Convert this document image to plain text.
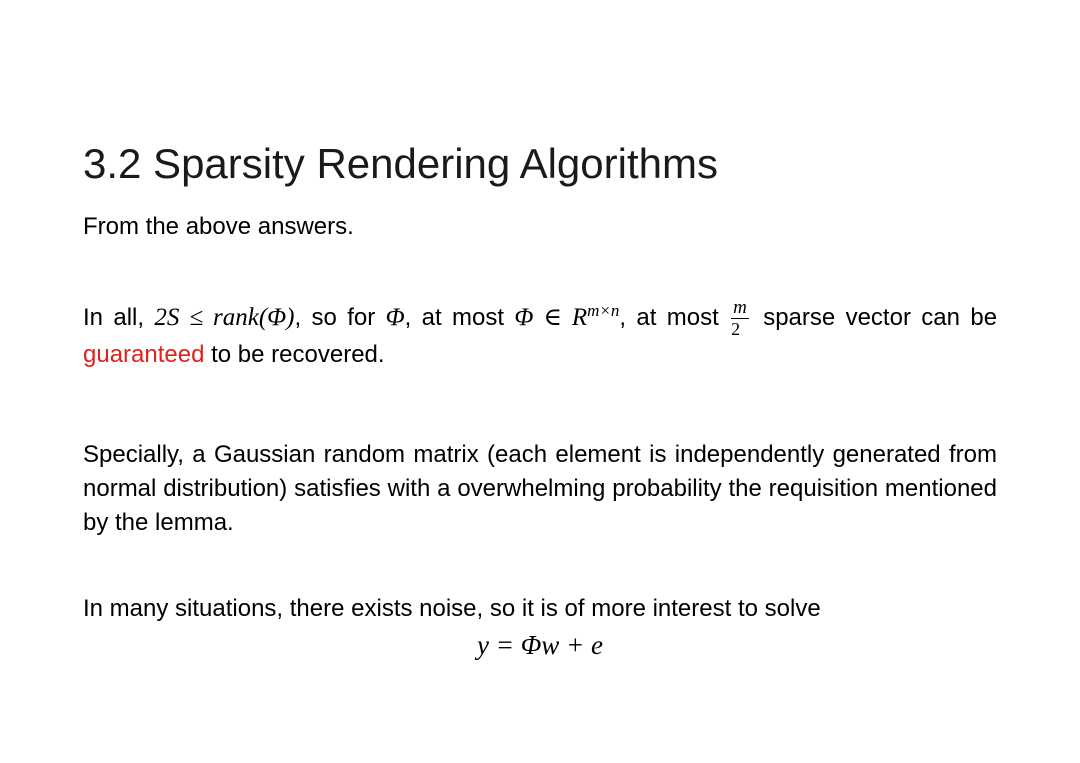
3.2 Sparsity Rendering Algorithms

From the above answers.

In all, 2S ≤ rank(Φ), so for Φ, at most Φ ∈ $R^{m\times n}$, at most $\frac{m}{2}$ sparse vector can be guaranteed to be recovered.

Specially, a Gaussian random matrix (each element is independently generated from normal distribution) satisfies with a overwhelming probability the requisition mentioned by the lemma.

In many situations, there exists noise, so it is of more interest to solve

y = Φw + e
